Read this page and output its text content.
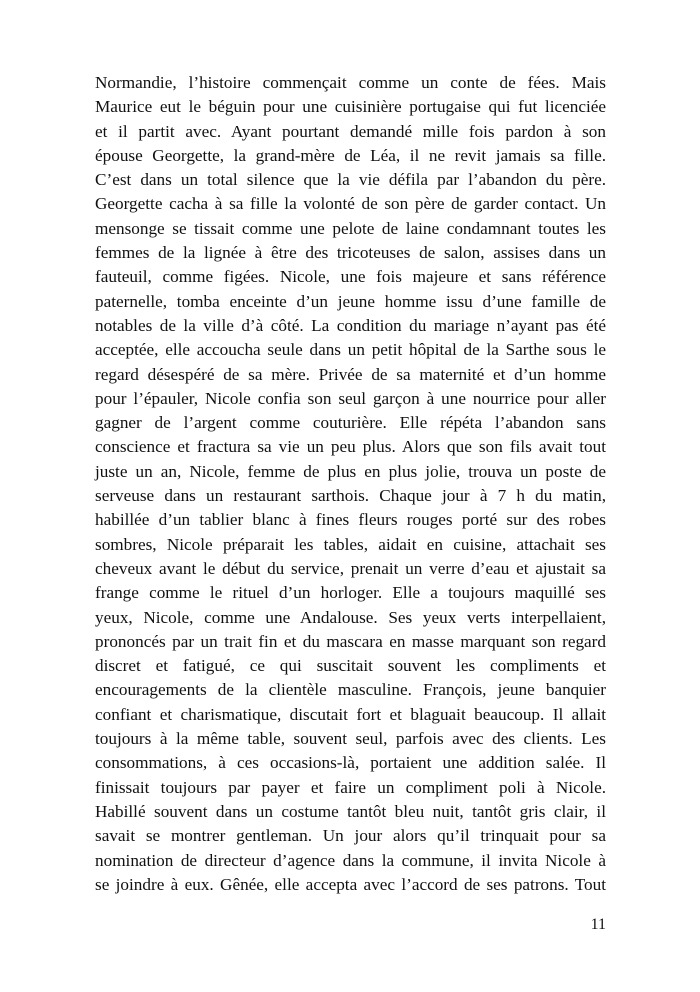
Normandie, l’histoire commençait comme un conte de fées. Mais
Maurice eut le béguin pour une cuisinière portugaise qui fut licenciée
et il partit avec. Ayant pourtant demandé mille fois pardon à son
épouse Georgette, la grand-mère de Léa, il ne revit jamais sa fille.
C’est dans un total silence que la vie défila par l’abandon du père.
Georgette cacha à sa fille la volonté de son père de garder contact. Un
mensonge se tissait comme une pelote de laine condamnant toutes les
femmes de la lignée à être des tricoteuses de salon, assises dans un
fauteuil, comme figées. Nicole, une fois majeure et sans référence
paternelle, tomba enceinte d’un jeune homme issu d’une famille de
notables de la ville d’à côté. La condition du mariage n’ayant pas été
acceptée, elle accoucha seule dans un petit hôpital de la Sarthe sous le
regard désespéré de sa mère. Privée de sa maternité et d’un homme
pour l’épauler, Nicole confia son seul garçon à une nourrice pour aller
gagner de l’argent comme couturière. Elle répéta l’abandon sans
conscience et fractura sa vie un peu plus. Alors que son fils avait tout
juste un an, Nicole, femme de plus en plus jolie, trouva un poste de
serveuse dans un restaurant sarthois. Chaque jour à 7 h du matin,
habillée d’un tablier blanc à fines fleurs rouges porté sur des robes
sombres, Nicole préparait les tables, aidait en cuisine, attachait ses
cheveux avant le début du service, prenait un verre d’eau et ajustait sa
frange comme le rituel d’un horloger. Elle a toujours maquillé ses
yeux, Nicole, comme une Andalouse. Ses yeux verts interpellaient,
prononcés par un trait fin et du mascara en masse marquant son regard
discret et fatigué, ce qui suscitait souvent les compliments et
encouragements de la clientèle masculine. François, jeune banquier
confiant et charismatique, discutait fort et blaguait beaucoup. Il allait
toujours à la même table, souvent seul, parfois avec des clients. Les
consommations, à ces occasions-là, portaient une addition salée. Il
finissait toujours par payer et faire un compliment poli à Nicole.
Habillé souvent dans un costume tantôt bleu nuit, tantôt gris clair, il
savait se montrer gentleman. Un jour alors qu’il trinquait pour sa
nomination de directeur d’agence dans la commune, il invita Nicole à
se joindre à eux. Gênée, elle accepta avec l’accord de ses patrons. Tout
11
